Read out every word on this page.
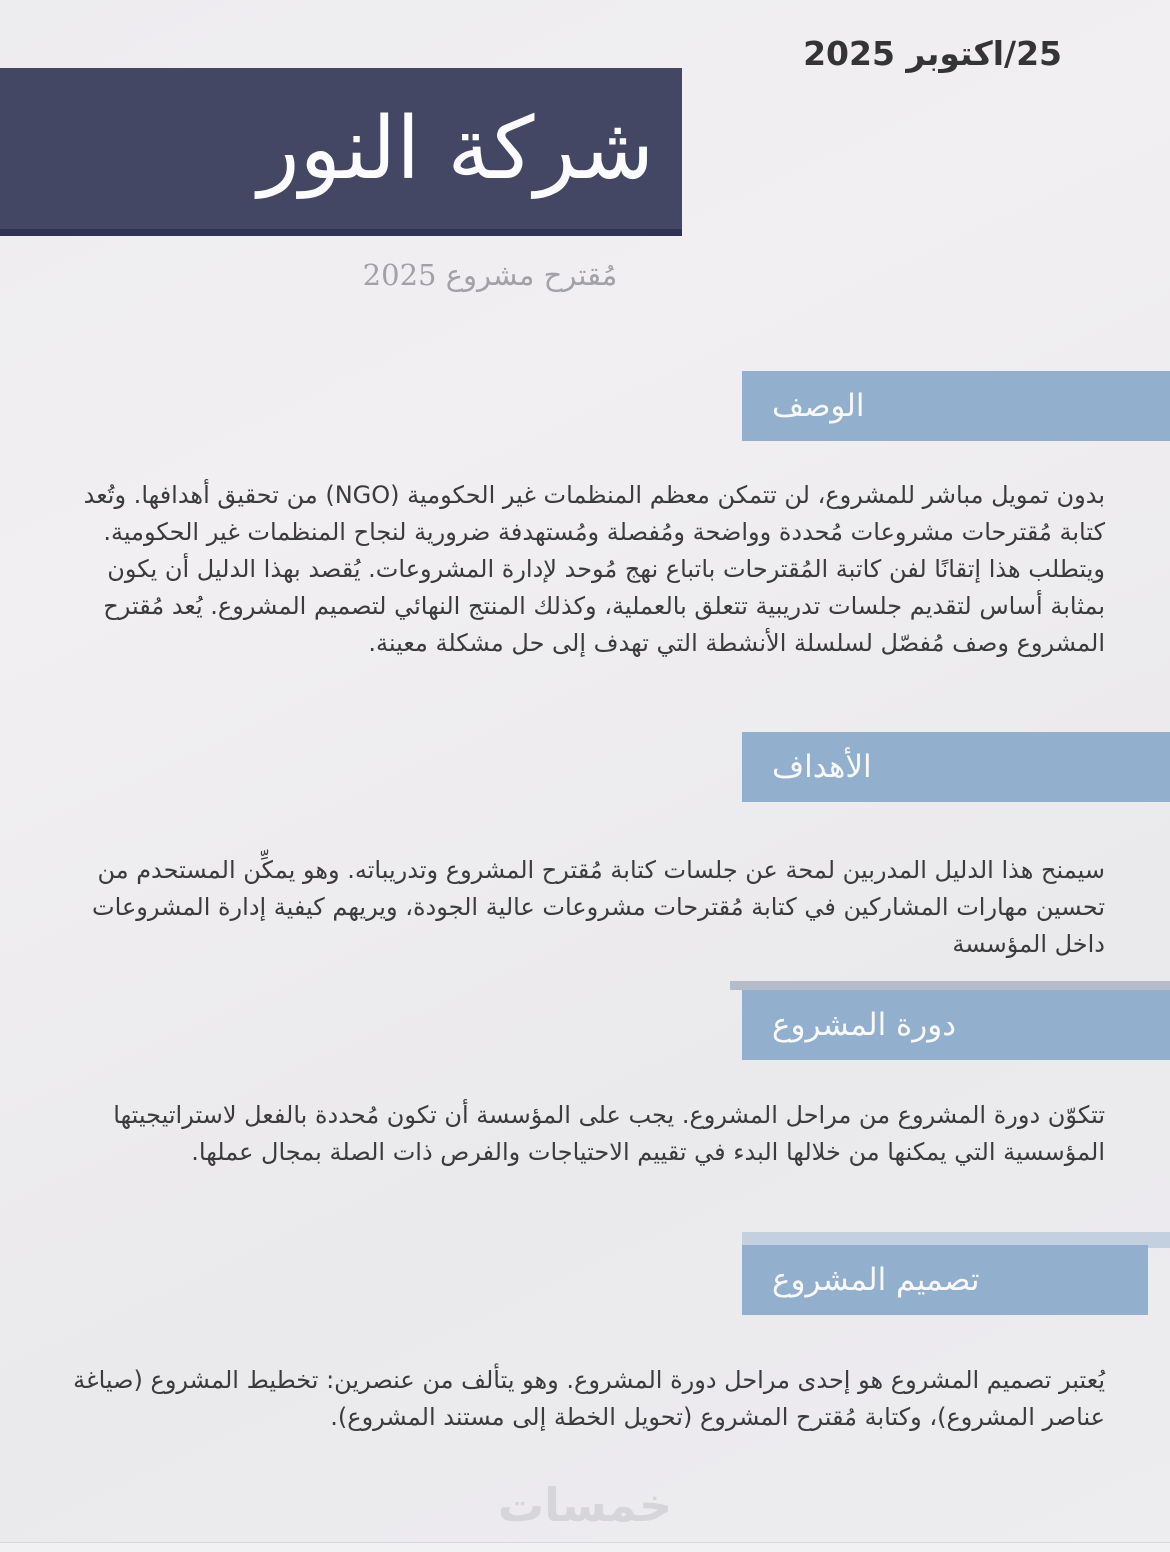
25/اكتوبر 2025
شركة النور
مُقترح مشروع 2025
الوصف
بدون تمويل مباشر للمشروع، لن تتمكن معظم المنظمات غير الحكومية (NGO) من تحقيق أهدافها. وتُعد كتابة مُقترحات مشروعات مُحددة وواضحة ومُفصلة ومُستهدفة ضرورية لنجاح المنظمات غير الحكومية. ويتطلب هذا إتقانًا لفن كاتبة المُقترحات باتباع نهج مُوحد لإدارة المشروعات. يُقصد بهذا الدليل أن يكون بمثابة أساس لتقديم جلسات تدريبية تتعلق بالعملية، وكذلك المنتج النهائي لتصميم المشروع. يُعد مُقترح المشروع وصف مُفصّل لسلسلة الأنشطة التي تهدف إلى حل مشكلة معينة.
الأهداف
سيمنح هذا الدليل المدربين لمحة عن جلسات كتابة مُقترح المشروع وتدريباته. وهو يمكِّن المستحدم من تحسين مهارات المشاركين في كتابة مُقترحات مشروعات عالية الجودة، ويريهم كيفية إدارة المشروعات داخل المؤسسة
دورة المشروع
تتكوّن دورة المشروع من مراحل المشروع. يجب على المؤسسة أن تكون مُحددة بالفعل لاستراتيجيتها المؤسسية التي يمكنها من خلالها البدء في تقييم الاحتياجات والفرص ذات الصلة بمجال عملها.
تصميم المشروع
يُعتبر تصميم المشروع هو إحدى مراحل دورة المشروع. وهو يتألف من عنصرين: تخطيط المشروع (صياغة عناصر المشروع)، وكتابة مُقترح المشروع (تحويل الخطة إلى مستند المشروع).
خمسات
